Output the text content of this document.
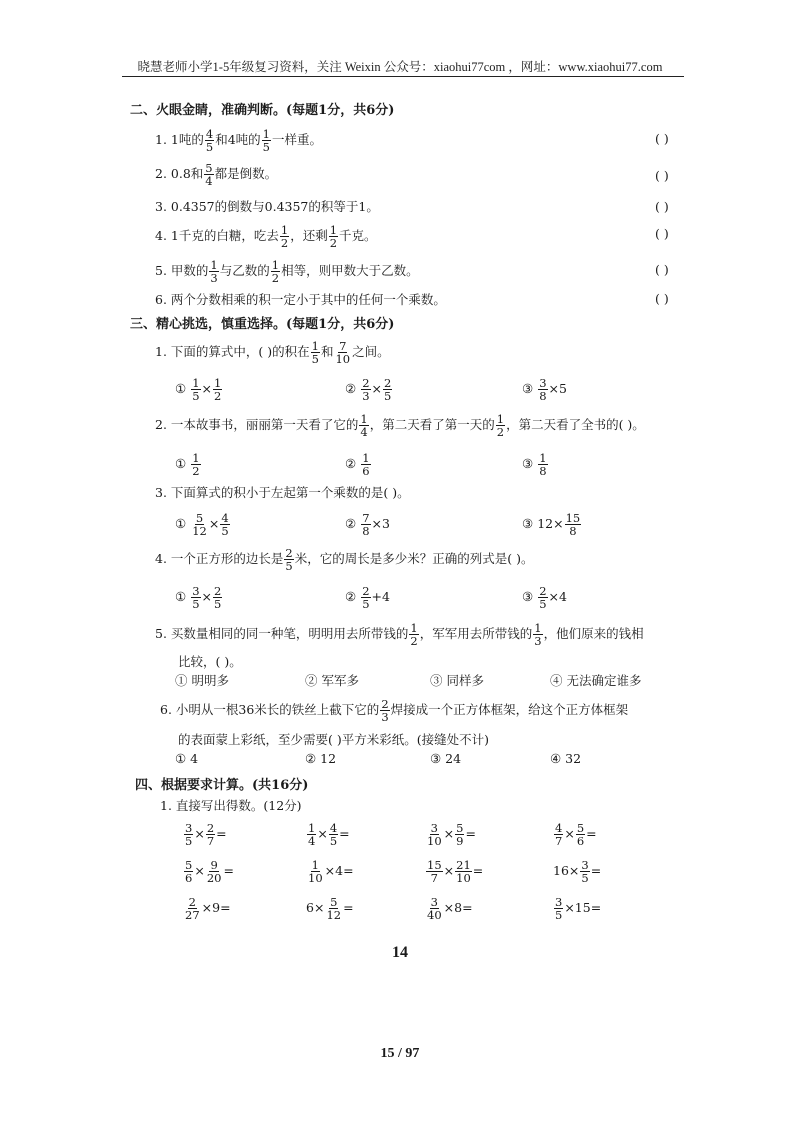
晓慧老师小学1-5年级复习资料，关注 Weixin 公众号：xiaohui77com ，网址：www.xiaohui77.com
二、火眼金睛，准确判断。(每题1分，共6分)
1. 1吨的 $\frac{4}{5}$ 和4吨的 $\frac{1}{5}$ 一样重。	( )
2. 0.8和 $\frac{5}{4}$ 都是倒数。	( )
3. 0.4357的倒数与0.4357的积等于1。	( )
4. 1千克的白糖，吃去 $\frac{1}{2}$ ，还剩 $\frac{1}{2}$ 千克。	( )
5. 甲数的 $\frac{1}{3}$ 与乙数的 $\frac{1}{2}$ 相等，则甲数大于乙数。	( )
6. 两个分数相乘的积一定小于其中的任何一个乘数。	( )
三、精心挑选，慎重选择。(每题1分，共6分)
1. 下面的算式中，( )的积在 $\frac{1}{5}$ 和 $\frac{7}{10}$ 之间。
① $\frac{1}{5} \times \frac{1}{2}$	② $\frac{2}{3} \times \frac{2}{5}$	③ $\frac{3}{8} \times 5$
2. 一本故事书，丽丽第一天看了它的 $\frac{1}{4}$ ，第二天看了第一天的 $\frac{1}{2}$ ，第二天看了全书的( )。
① $\frac{1}{2}$	② $\frac{1}{6}$	③ $\frac{1}{8}$
3. 下面算式的积小于左起第一个乘数的是( )。
① $\frac{5}{12} \times \frac{4}{5}$	② $\frac{7}{8} \times 3$	③ $12\times \frac{15}{8}$
4. 一个正方形的边长是 $\frac{2}{5}$ 米，它的周长是多少米？正确的列式是( )。
① $\frac{3}{5} \times \frac{2}{5}$	② $\frac{2}{5} +4$	③ $\frac{2}{5} \times 4$
5. 买数量相同的同一种笔，明明用去所带钱的 $\frac{1}{2}$ ，军军用去所带钱的 $\frac{1}{3}$ ，他们原来的钱相
比较，( )。
① 明明多	② 军军多	③ 同样多	④ 无法确定谁多
6. 小明从一根36米长的铁丝上截下它的 $\frac{2}{3}$ 焊接成一个正方体框架，给这个正方体框架
的表面蒙上彩纸，至少需要( )平方米彩纸。(接缝处不计)
① 4	② 12	③ 24	④ 32
四、根据要求计算。(共16分)
1. 直接写出得数。(12分)
$\frac{3}{5} \times \frac{2}{7}$ =	$\frac{1}{4} \times \frac{4}{5}$ =	$\frac{3}{10} \times \frac{5}{9}$ =	$\frac{4}{7} \times \frac{5}{6}$ =
$\frac{5}{6} \times \frac{9}{20}$ =	$\frac{1}{10} \times 4=$	$\frac{15}{7} \times \frac{21}{10}$ =	$16\times \frac{3}{5}$ =
$\frac{2}{27} \times 9=$	$6\times \frac{5}{12}$ =	$\frac{3}{40} \times 8=$	$\frac{3}{5} \times 15=$
14
15 / 97
